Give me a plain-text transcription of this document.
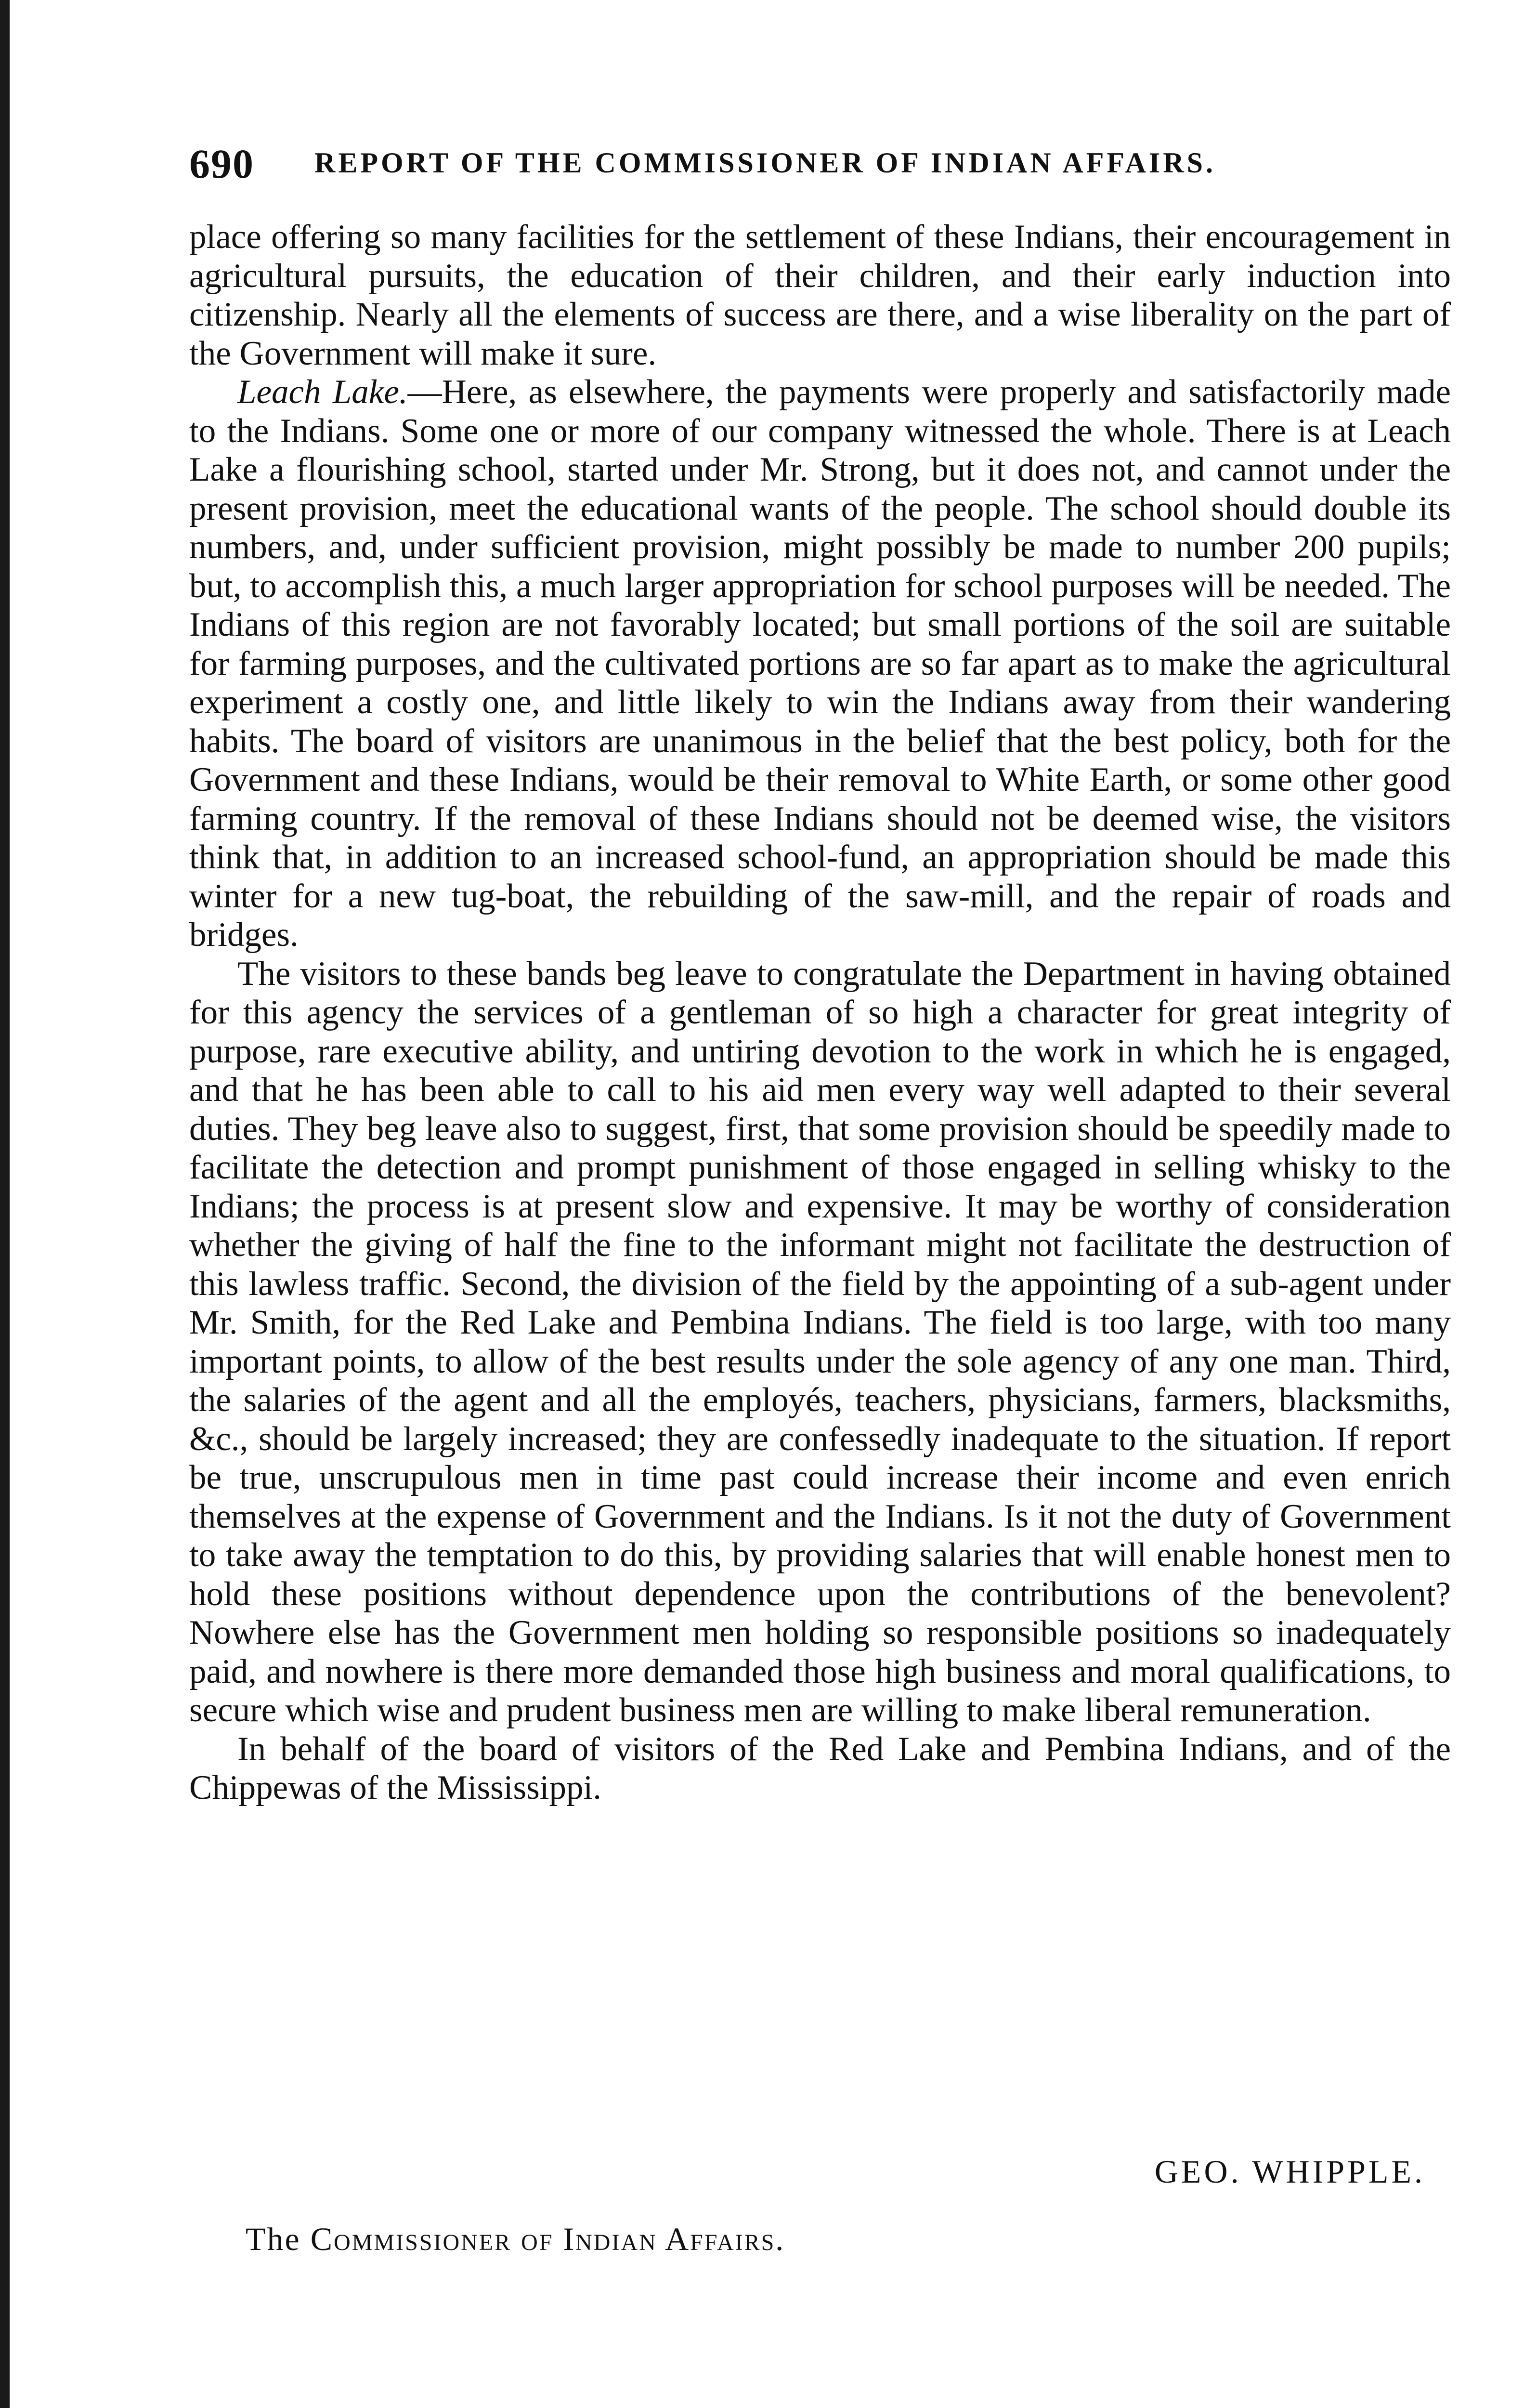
690 REPORT OF THE COMMISSIONER OF INDIAN AFFAIRS.

place offering so many facilities for the settlement of these Indians, their encouragement in agricultural pursuits, the education of their children, and their early induction into citizenship. Nearly all the elements of success are there, and a wise liberality on the part of the Government will make it sure.

Leach Lake.—Here, as elsewhere, the payments were properly and satisfactorily made to the Indians. Some one or more of our company witnessed the whole. There is at Leach Lake a flourishing school, started under Mr. Strong, but it does not, and cannot under the present provision, meet the educational wants of the people. The school should double its numbers, and, under sufficient provision, might possibly be made to number 200 pupils; but, to accomplish this, a much larger appropriation for school purposes will be needed. The Indians of this region are not favorably located; but small portions of the soil are suitable for farming purposes, and the cultivated portions are so far apart as to make the agricultural experiment a costly one, and little likely to win the Indians away from their wandering habits. The board of visitors are unanimous in the belief that the best policy, both for the Government and these Indians, would be their removal to White Earth, or some other good farming country. If the removal of these Indians should not be deemed wise, the visitors think that, in addition to an increased school-fund, an appropriation should be made this winter for a new tug-boat, the rebuilding of the saw-mill, and the repair of roads and bridges.

The visitors to these bands beg leave to congratulate the Department in having obtained for this agency the services of a gentleman of so high a character for great integrity of purpose, rare executive ability, and untiring devotion to the work in which he is engaged, and that he has been able to call to his aid men every way well adapted to their several duties. They beg leave also to suggest, first, that some provision should be speedily made to facilitate the detection and prompt punishment of those engaged in selling whisky to the Indians; the process is at present slow and expensive. It may be worthy of consideration whether the giving of half the fine to the informant might not facilitate the destruction of this lawless traffic. Second, the division of the field by the appointing of a sub-agent under Mr. Smith, for the Red Lake and Pembina Indians. The field is too large, with too many important points, to allow of the best results under the sole agency of any one man. Third, the salaries of the agent and all the employés, teachers, physicians, farmers, blacksmiths, &c., should be largely increased; they are confessedly inadequate to the situation. If report be true, unscrupulous men in time past could increase their income and even enrich themselves at the expense of Government and the Indians. Is it not the duty of Government to take away the temptation to do this, by providing salaries that will enable honest men to hold these positions without dependence upon the contributions of the benevolent? Nowhere else has the Government men holding so responsible positions so inadequately paid, and nowhere is there more demanded those high business and moral qualifications, to secure which wise and prudent business men are willing to make liberal remuneration.

In behalf of the board of visitors of the Red Lake and Pembina Indians, and of the Chippewas of the Mississippi.

GEO. WHIPPLE.
The Commissioner of Indian Affairs.
